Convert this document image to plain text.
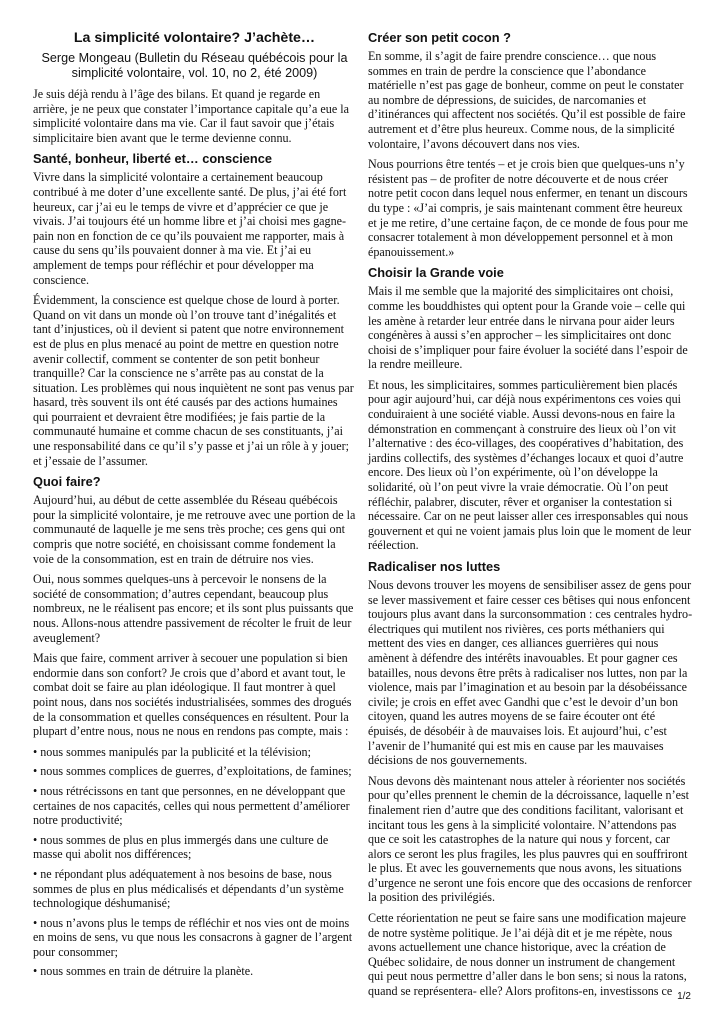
La simplicité volontaire? J’achète…
Serge Mongeau (Bulletin du Réseau québécois pour la simplicité volontaire, vol. 10, no 2, été 2009)

Je suis déjà rendu à l’âge des bilans. Et quand je regarde en arrière, je ne peux que constater l’importance capitale qu’a eue la simplicité volontaire dans ma vie. Car il faut savoir que j’étais simplicitaire bien avant que le terme devienne connu.

Santé, bonheur, liberté et… conscience

Vivre dans la simplicité volontaire a certainement beaucoup contribué à me doter d’une excellente santé. De plus, j’ai été fort heureux, car j’ai eu le temps de vivre et d’apprécier ce que je vivais. J’ai toujours été un homme libre et j’ai choisi mes gagne-pain non en fonction de ce qu’ils pouvaient me rapporter, mais à cause du sens qu’ils pouvaient donner à ma vie. Et j’ai eu amplement de temps pour réfléchir et pour développer ma conscience.

Évidemment, la conscience est quelque chose de lourd à porter. Quand on vit dans un monde où l’on trouve tant d’inégalités et tant d’injustices, où il devient si patent que notre environnement est de plus en plus menacé au point de mettre en question notre avenir collectif, comment se contenter de son petit bonheur tranquille? Car la conscience ne s’arrête pas au constat de la situation. Les problèmes qui nous inquiètent ne sont pas venus par hasard, très souvent ils ont été causés par des actions humaines qui pourraient et devraient être modifiées; je fais partie de la communauté humaine et comme chacun de ses constituants, j’ai une responsabilité dans ce qu’il s’y passe et j’ai un rôle à y jouer; et j’essaie de l’assumer.

Quoi faire?

Aujourd’hui, au début de cette assemblée du Réseau québécois pour la simplicité volontaire, je me retrouve avec une portion de la communauté de laquelle je me sens très proche; ces gens qui ont compris que notre société, en choisissant comme fondement la voie de la consommation, est en train de détruire nos vies.

Oui, nous sommes quelques-uns à percevoir le nonsens de la société de consommation; d’autres cependant, beaucoup plus nombreux, ne le réalisent pas encore; et ils sont plus puissants que nous. Allons-nous attendre passivement de récolter le fruit de leur aveuglement?

Mais que faire, comment arriver à secouer une population si bien endormie dans son confort? Je crois que d’abord et avant tout, le combat doit se faire au plan idéologique. Il faut montrer à quel point nous, dans nos sociétés industrialisées, sommes des drogués de la consommation et quelles conséquences en résultent. Pour la plupart d’entre nous, nous ne nous en rendons pas compte, mais :

• nous sommes manipulés par la publicité et la télévision;

• nous sommes complices de guerres, d’exploitations, de famines;

• nous rétrécissons en tant que personnes, en ne développant que certaines de nos capacités, celles qui nous permettent d’améliorer notre productivité;

• nous sommes de plus en plus immergés dans une culture de masse qui abolit nos différences;

• ne répondant plus adéquatement à nos besoins de base, nous sommes de plus en plus médicalisés et dépendants d’un système technologique déshumanisé;

• nous n’avons plus le temps de réfléchir et nos vies ont de moins en moins de sens, vu que nous les consacrons à gagner de l’argent pour consommer;

• nous sommes en train de détruire la planète.

Créer son petit cocon ?

En somme, il s’agit de faire prendre conscience… que nous sommes en train de perdre la conscience que l’abondance matérielle n’est pas gage de bonheur, comme on peut le constater au nombre de dépressions, de suicides, de narcomanies et d’itinérances qui affectent nos sociétés. Qu’il est possible de faire autrement et d’être plus heureux. Comme nous, de la simplicité volontaire, l’avons découvert dans nos vies.

Nous pourrions être tentés – et je crois bien que quelques-uns n’y résistent pas – de profiter de notre découverte et de nous créer notre petit cocon dans lequel nous enfermer, en tenant un discours du type : «J’ai compris, je sais maintenant comment être heureux et je me retire, d’une certaine façon, de ce monde de fous pour me consacrer totalement à mon développement personnel et à mon épanouissement.»

Choisir la Grande voie

Mais il me semble que la majorité des simplicitaires ont choisi, comme les bouddhistes qui optent pour la Grande voie – celle qui les amène à retarder leur entrée dans le nirvana pour aider leurs congénères à aussi s’en approcher – les simplicitaires ont donc choisi de s’impliquer pour faire évoluer la société dans l’espoir de la rendre meilleure.

Et nous, les simplicitaires, sommes particulièrement bien placés pour agir aujourd’hui, car déjà nous expérimentons ces voies qui conduiraient à une société viable. Aussi devons-nous en faire la démonstration en commençant à construire des lieux où l’on vit l’alternative : des éco-villages, des coopératives d’habitation, des jardins collectifs, des systèmes d’échanges locaux et quoi d’autre encore. Des lieux où l’on expérimente, où l’on développe la solidarité, où l’on peut vivre la vraie démocratie. Où l’on peut réfléchir, palabrer, discuter, rêver et organiser la contestation si nécessaire. Car on ne peut laisser aller ces irresponsables qui nous gouvernent et qui ne voient jamais plus loin que le moment de leur réélection.

Radicaliser nos luttes

Nous devons trouver les moyens de sensibiliser assez de gens pour se lever massivement et faire cesser ces bêtises qui nous enfoncent toujours plus avant dans la surconsommation : ces centrales hydro-électriques qui mutilent nos rivières, ces ports méthaniers qui mettent des vies en danger, ces alliances guerrières qui nous amènent à défendre des intérêts inavouables. Et pour gagner ces batailles, nous devons être prêts à radicaliser nos luttes, non par la violence, mais par l’imagination et au besoin par la désobéissance civile; je crois en effet avec Gandhi que c’est le devoir d’un bon citoyen, quand les autres moyens de se faire écouter ont été épuisés, de désobéir à de mauvaises lois. Et aujourd’hui, c’est l’avenir de l’humanité qui est mis en cause par les mauvaises décisions de nos gouvernements.

Nous devons dès maintenant nous atteler à réorienter nos sociétés pour qu’elles prennent le chemin de la décroissance, laquelle n’est finalement rien d’autre que des conditions facilitant, valorisant et incitant tous les gens à la simplicité volontaire. N’attendons pas que ce soit les catastrophes de la nature qui nous y forcent, car alors ce seront les plus fragiles, les plus pauvres qui en souffriront le plus. Et avec les gouvernements que nous avons, les situations d’urgence ne seront une fois encore que des occasions de renforcer la position des privilégiés.

Cette réorientation ne peut se faire sans une modification majeure de notre système politique. Je l’ai déjà dit et je me répète, nous avons actuellement une chance historique, avec la création de Québec solidaire, de nous donner un instrument de changement qui peut nous permettre d’aller dans le bon sens; si nous la ratons, quand se représentera- elle? Alors profitons-en, investissons ce 1/2
